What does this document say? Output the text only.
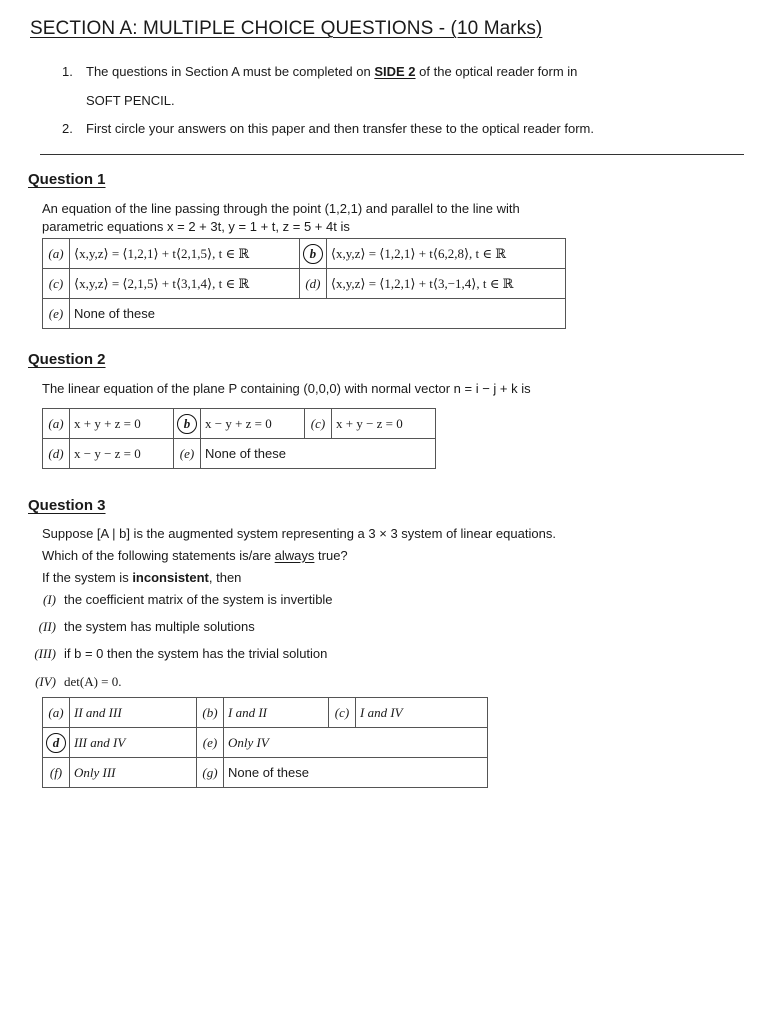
SECTION A: MULTIPLE CHOICE QUESTIONS - (10 Marks)
1. The questions in Section A must be completed on SIDE 2 of the optical reader form in
SOFT PENCIL.
2. First circle your answers on this paper and then transfer these to the optical reader form.
Question 1
An equation of the line passing through the point (1,2,1) and parallel to the line with
parametric equations x = 2 + 3t, y = 1 + t, z = 5 + 4t is
(a)	⟨x,y,z⟩ = ⟨1,2,1⟩ + t⟨2,1,5⟩, t ∈ ℝ	b	⟨x,y,z⟩ = ⟨1,2,1⟩ + t⟨6,2,8⟩, t ∈ ℝ
(c)	⟨x,y,z⟩ = ⟨2,1,5⟩ + t⟨3,1,4⟩, t ∈ ℝ	(d)	⟨x,y,z⟩ = ⟨1,2,1⟩ + t⟨3,−1,4⟩, t ∈ ℝ
(e)	None of these		
Question 2
The linear equation of the plane P containing (0,0,0) with normal vector n = i − j + k is
(a)	x + y + z = 0	b	x − y + z = 0	(c)	x + y − z = 0
(d)	x − y − z = 0	(e)	None of these		
Question 3
Suppose [A | b] is the augmented system representing a 3 × 3 system of linear equations.
Which of the following statements is/are always true?
If the system is inconsistent, then
(I) the coefficient matrix of the system is invertible
(II) the system has multiple solutions
(III) if b = 0 then the system has the trivial solution
(IV) det(A) = 0.
(a)	II and III	(b)	I and II	(c)	I and IV
d	III and IV	(e)	Only IV		
(f)	Only III	(g)	None of these		
